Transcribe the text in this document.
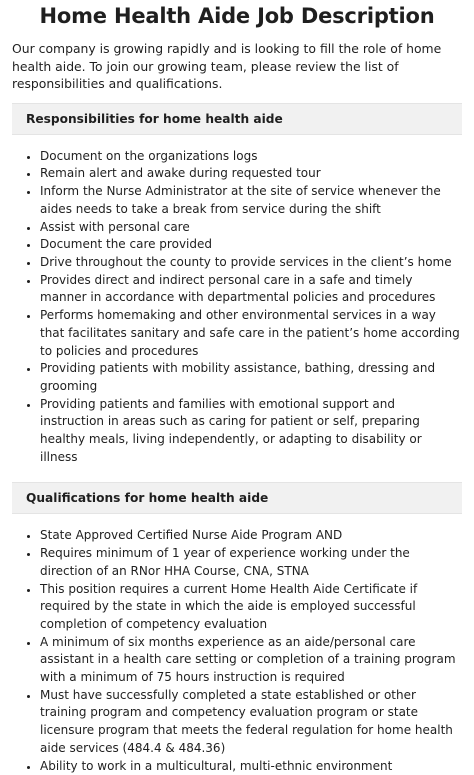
Home Health Aide Job Description

Our company is growing rapidly and is looking to fill the role of home health aide. To join our growing team, please review the list of responsibilities and qualifications.

Responsibilities for home health aide
• Document on the organizations logs
• Remain alert and awake during requested tour
• Inform the Nurse Administrator at the site of service whenever the aides needs to take a break from service during the shift
• Assist with personal care
• Document the care provided
• Drive throughout the county to provide services in the client’s home
• Provides direct and indirect personal care in a safe and timely manner in accordance with departmental policies and procedures
• Performs homemaking and other environmental services in a way that facilitates sanitary and safe care in the patient’s home according to policies and procedures
• Providing patients with mobility assistance, bathing, dressing and grooming
• Providing patients and families with emotional support and instruction in areas such as caring for patient or self, preparing healthy meals, living independently, or adapting to disability or illness
Qualifications for home health aide
• State Approved Certified Nurse Aide Program AND
• Requires minimum of 1 year of experience working under the direction of an RNor HHA Course, CNA, STNA
• This position requires a current Home Health Aide Certificate if required by the state in which the aide is employed successful completion of competency evaluation
• A minimum of six months experience as an aide/personal care assistant in a health care setting or completion of a training program with a minimum of 75 hours instruction is required
• Must have successfully completed a state established or other training program and competency evaluation program or state licensure program that meets the federal regulation for home health aide services (484.4 & 484.36)
• Ability to work in a multicultural, multi-ethnic environment
